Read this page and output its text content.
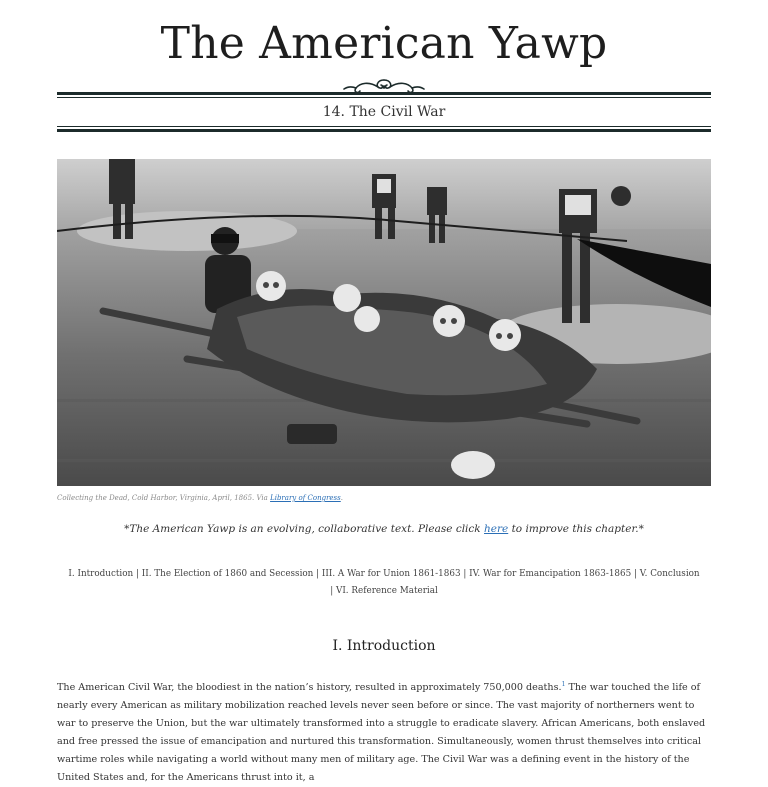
The American Yawp
14. The Civil War
Collecting the Dead, Cold Harbor, Virginia, April, 1865. Via Library of Congress.
*The American Yawp is an evolving, collaborative text. Please click here to improve this chapter.*
I. Introduction | II. The Election of 1860 and Secession | III. A War for Union 1861-1863 | IV. War for Emancipation 1863-1865 | V. Conclusion | VI. Reference Material
I. Introduction

The American Civil War, the bloodiest in the nation’s history, resulted in approximately 750,000 deaths.$^1$ The war touched the life of nearly every American as military mobilization reached levels never seen before or since. The vast majority of northerners went to war to preserve the Union, but the war ultimately transformed into a struggle to eradicate slavery. African Americans, both enslaved and free pressed the issue of emancipation and nurtured this transformation. Simultaneously, women thrust themselves into critical wartime roles while navigating a world without many men of military age. The Civil War was a defining event in the history of the United States and, for the Americans thrust into it, a
